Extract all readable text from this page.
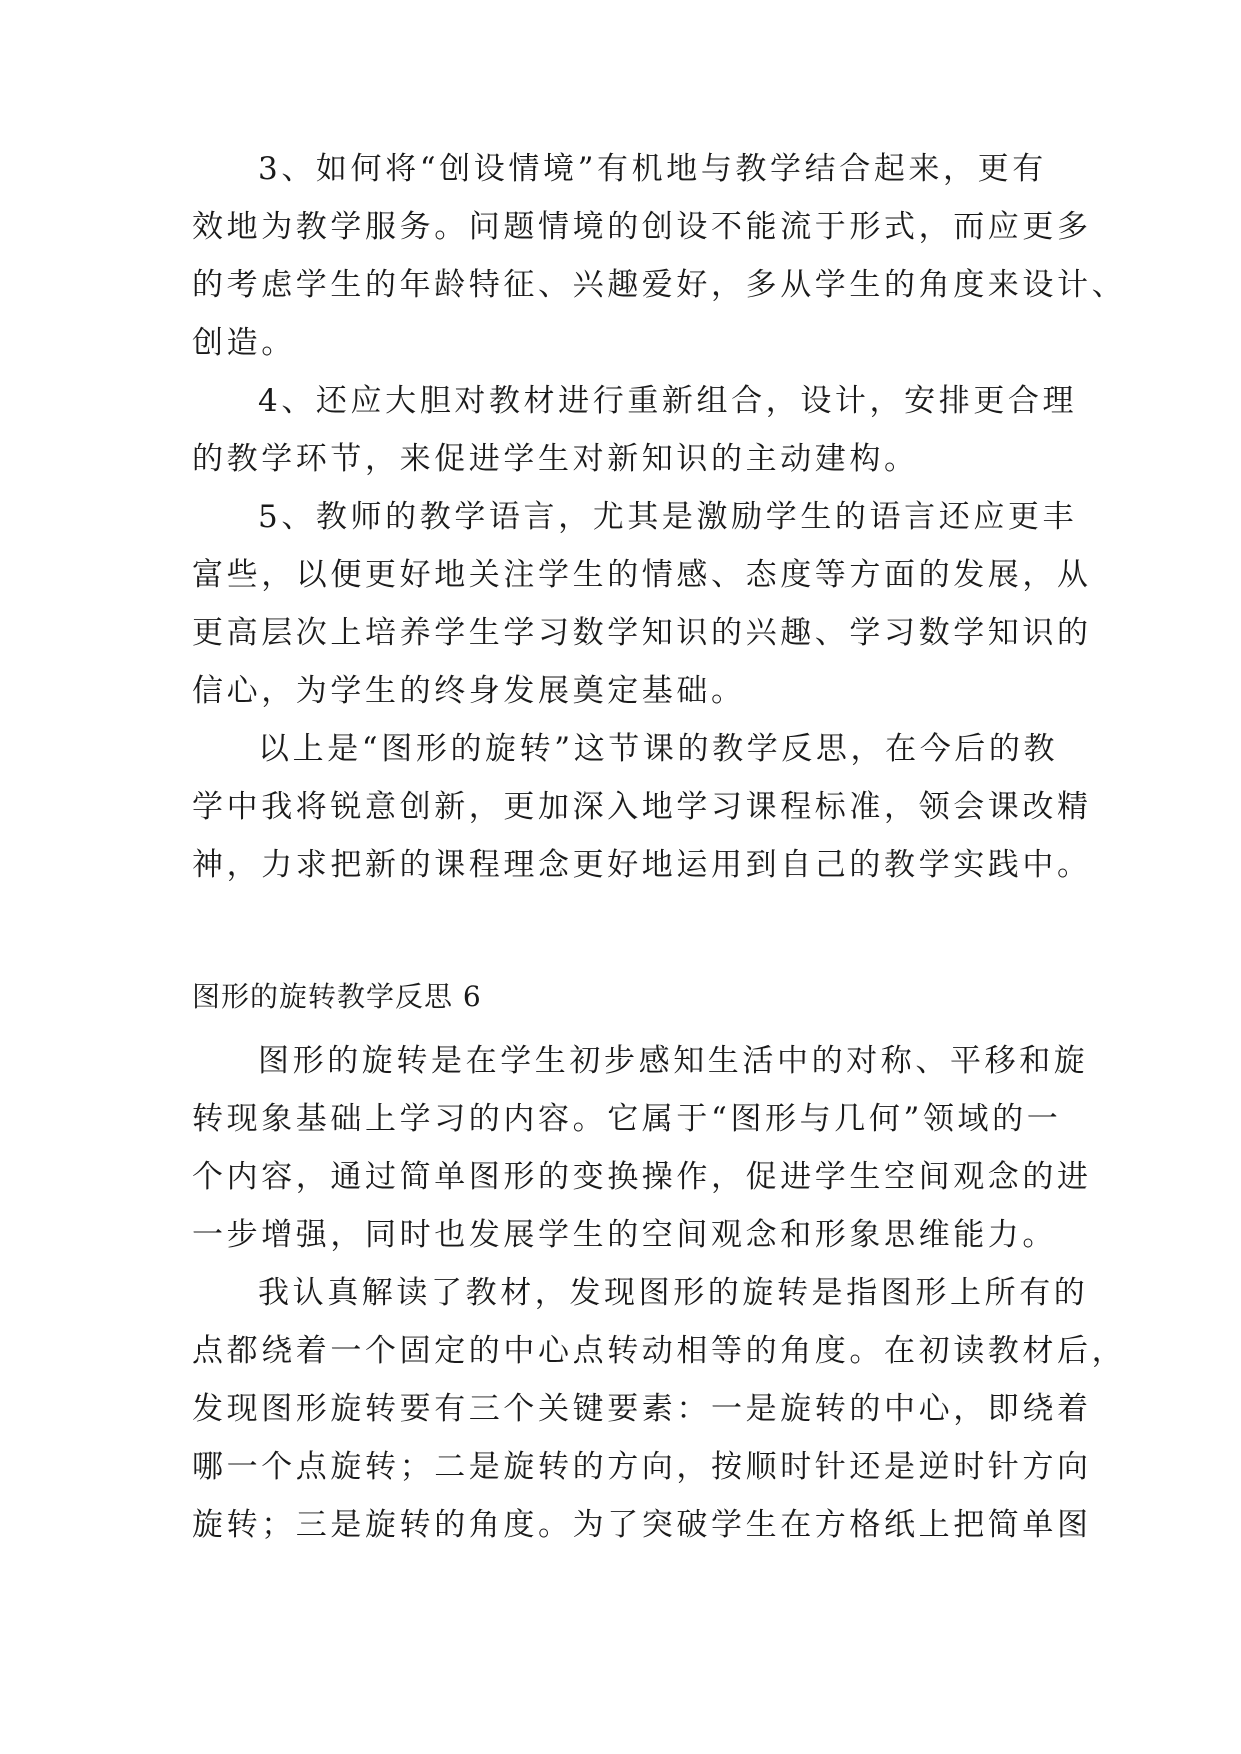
3、如何将“创设情境”有机地与教学结合起来，更有
效地为教学服务。问题情境的创设不能流于形式，而应更多
的考虑学生的年龄特征、兴趣爱好，多从学生的角度来设计、
创造。
4、还应大胆对教材进行重新组合，设计，安排更合理
的教学环节，来促进学生对新知识的主动建构。
5、教师的教学语言，尤其是激励学生的语言还应更丰
富些，以便更好地关注学生的情感、态度等方面的发展，从
更高层次上培养学生学习数学知识的兴趣、学习数学知识的
信心，为学生的终身发展奠定基础。
以上是“图形的旋转”这节课的教学反思，在今后的教
学中我将锐意创新，更加深入地学习课程标准，领会课改精
神，力求把新的课程理念更好地运用到自己的教学实践中。
图形的旋转教学反思 6
图形的旋转是在学生初步感知生活中的对称、平移和旋
转现象基础上学习的内容。它属于“图形与几何”领域的一
个内容，通过简单图形的变换操作，促进学生空间观念的进
一步增强，同时也发展学生的空间观念和形象思维能力。
我认真解读了教材，发现图形的旋转是指图形上所有的
点都绕着一个固定的中心点转动相等的角度。在初读教材后，
发现图形旋转要有三个关键要素：一是旋转的中心，即绕着
哪一个点旋转；二是旋转的方向，按顺时针还是逆时针方向
旋转；三是旋转的角度。为了突破学生在方格纸上把简单图
